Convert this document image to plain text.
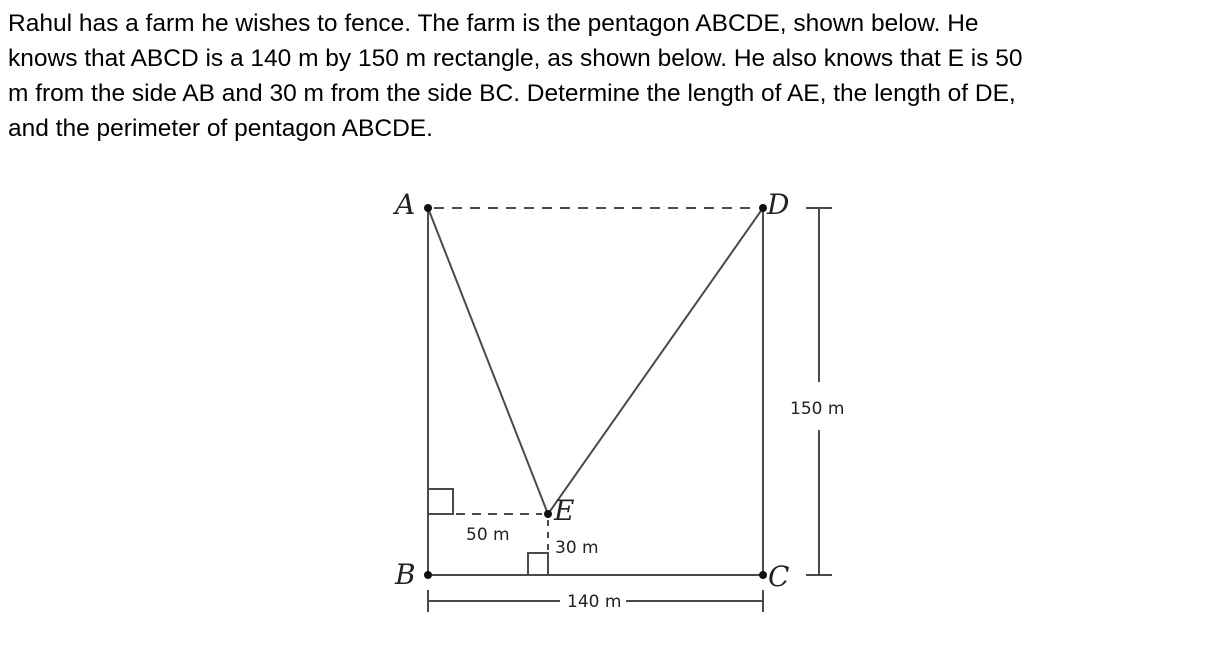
Rahul has a farm he wishes to fence. The farm is the pentagon ABCDE, shown below. He
knows that ABCD is a 140 m by 150 m rectangle, as shown below. He also knows that E is 50
m from the side AB and 30 m from the side BC. Determine the length of AE, the length of DE,
and the perimeter of pentagon ABCDE.
A
B	C
D
E
150 m
140 m
50 m
30 m
